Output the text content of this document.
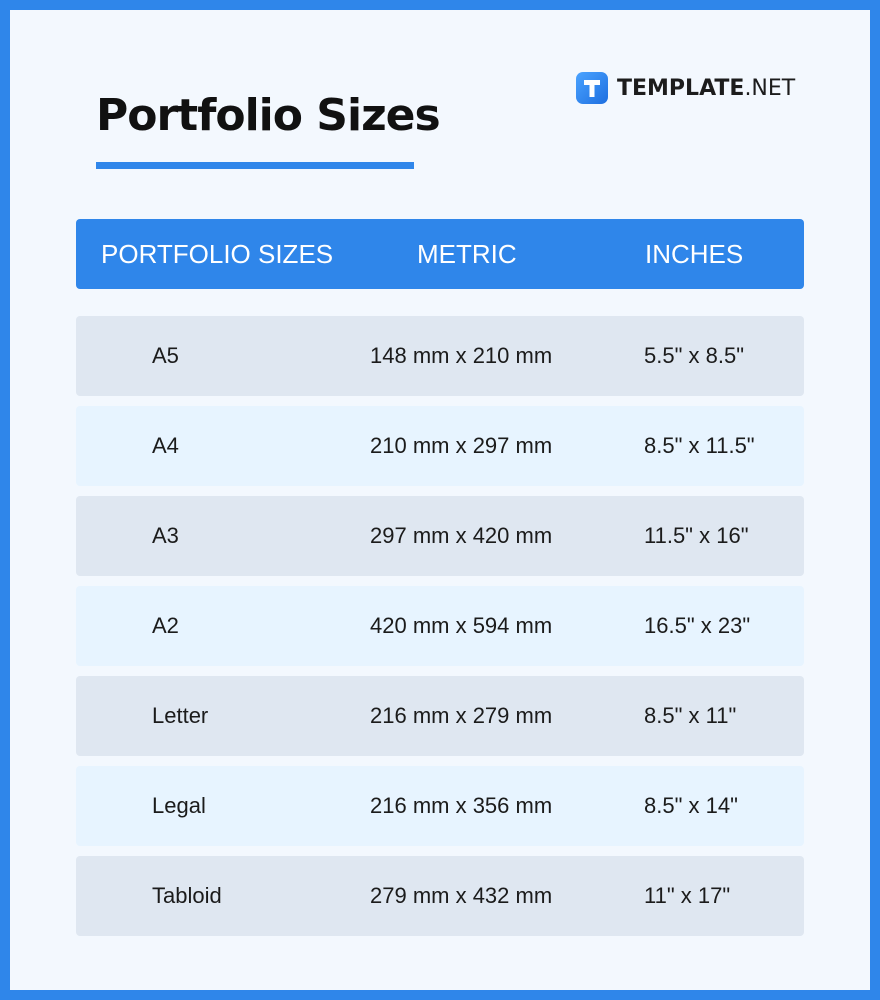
Portfolio Sizes
TEMPLATE.NET
PORTFOLIO SIZES	METRIC	INCHES
A5	148 mm x 210 mm	5.5" x 8.5"
A4	210 mm x 297 mm	8.5" x 11.5"
A3	297 mm x 420 mm	11.5" x 16"
A2	420 mm x 594 mm	16.5" x 23"
Letter	216 mm x 279 mm	8.5" x 11"
Legal	216 mm x 356 mm	8.5" x 14"
Tabloid	279 mm x 432 mm	11" x 17"
